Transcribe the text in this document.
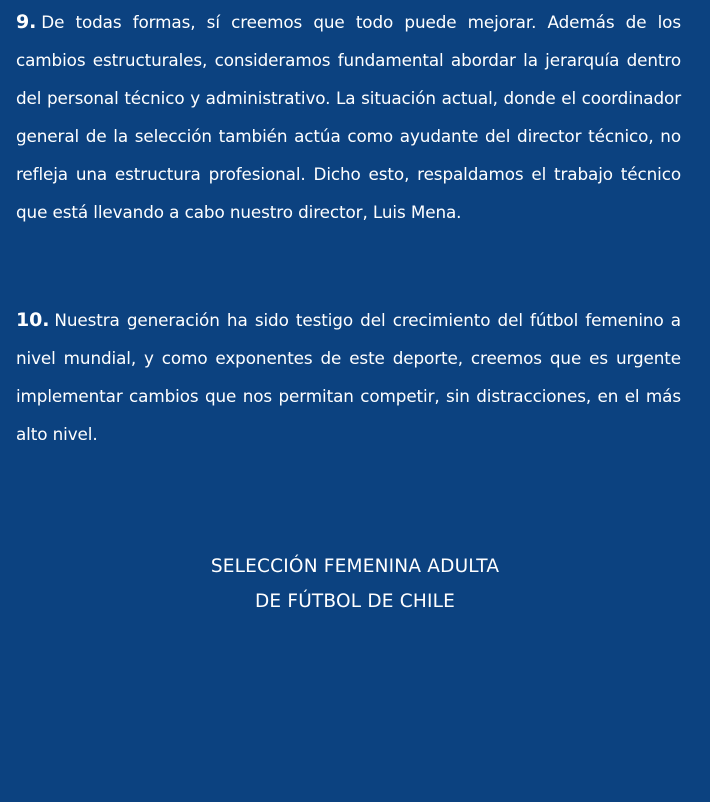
9. De todas formas, sí creemos que todo puede mejorar. Además de los cambios estructurales, consideramos fundamental abordar la jerarquía dentro del personal técnico y administrativo. La situación actual, donde el coordinador general de la selección también actúa como ayudante del director técnico, no refleja una estructura profesional. Dicho esto, respaldamos el trabajo técnico que está llevando a cabo nuestro director, Luis Mena.

10. Nuestra generación ha sido testigo del crecimiento del fútbol femenino a nivel mundial, y como exponentes de este deporte, creemos que es urgente implementar cambios que nos permitan competir, sin distracciones, en el más alto nivel.

SELECCIÓN FEMENINA ADULTA
DE FÚTBOL DE CHILE
